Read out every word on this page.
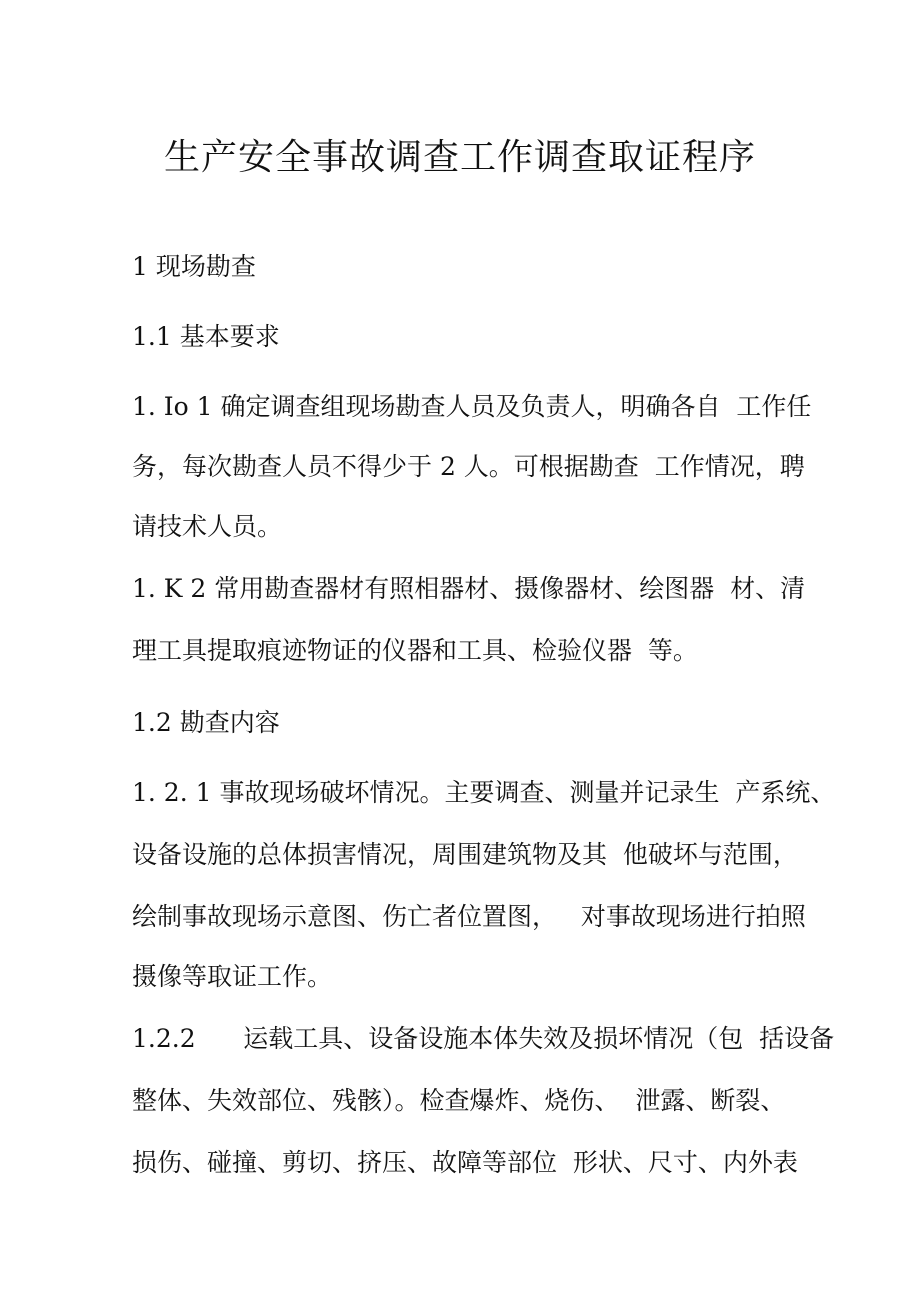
生产安全事故调查工作调查取证程序
1 现场勘查
1.1 基本要求
1. Io 1 确定调查组现场勘查人员及负责人，明确各自  工作任
务，每次勘查人员不得少于 2 人。可根据勘查  工作情况，聘
请技术人员。
1. K 2 常用勘查器材有照相器材、摄像器材、绘图器  材、清
理工具提取痕迹物证的仪器和工具、检验仪器  等。
1.2 勘查内容
1. 2. 1 事故现场破坏情况。主要调查、测量并记录生  产系统、
设备设施的总体损害情况，周围建筑物及其  他破坏与范围，
绘制事故现场示意图、伤亡者位置图，   对事故现场进行拍照
摄像等取证工作。
1.2.2      运载工具、设备设施本体失效及损坏情况（包  括设备
整体、失效部位、残骸）。检查爆炸、烧伤、  泄露、断裂、
损伤、碰撞、剪切、挤压、故障等部位  形状、尺寸、内外表
